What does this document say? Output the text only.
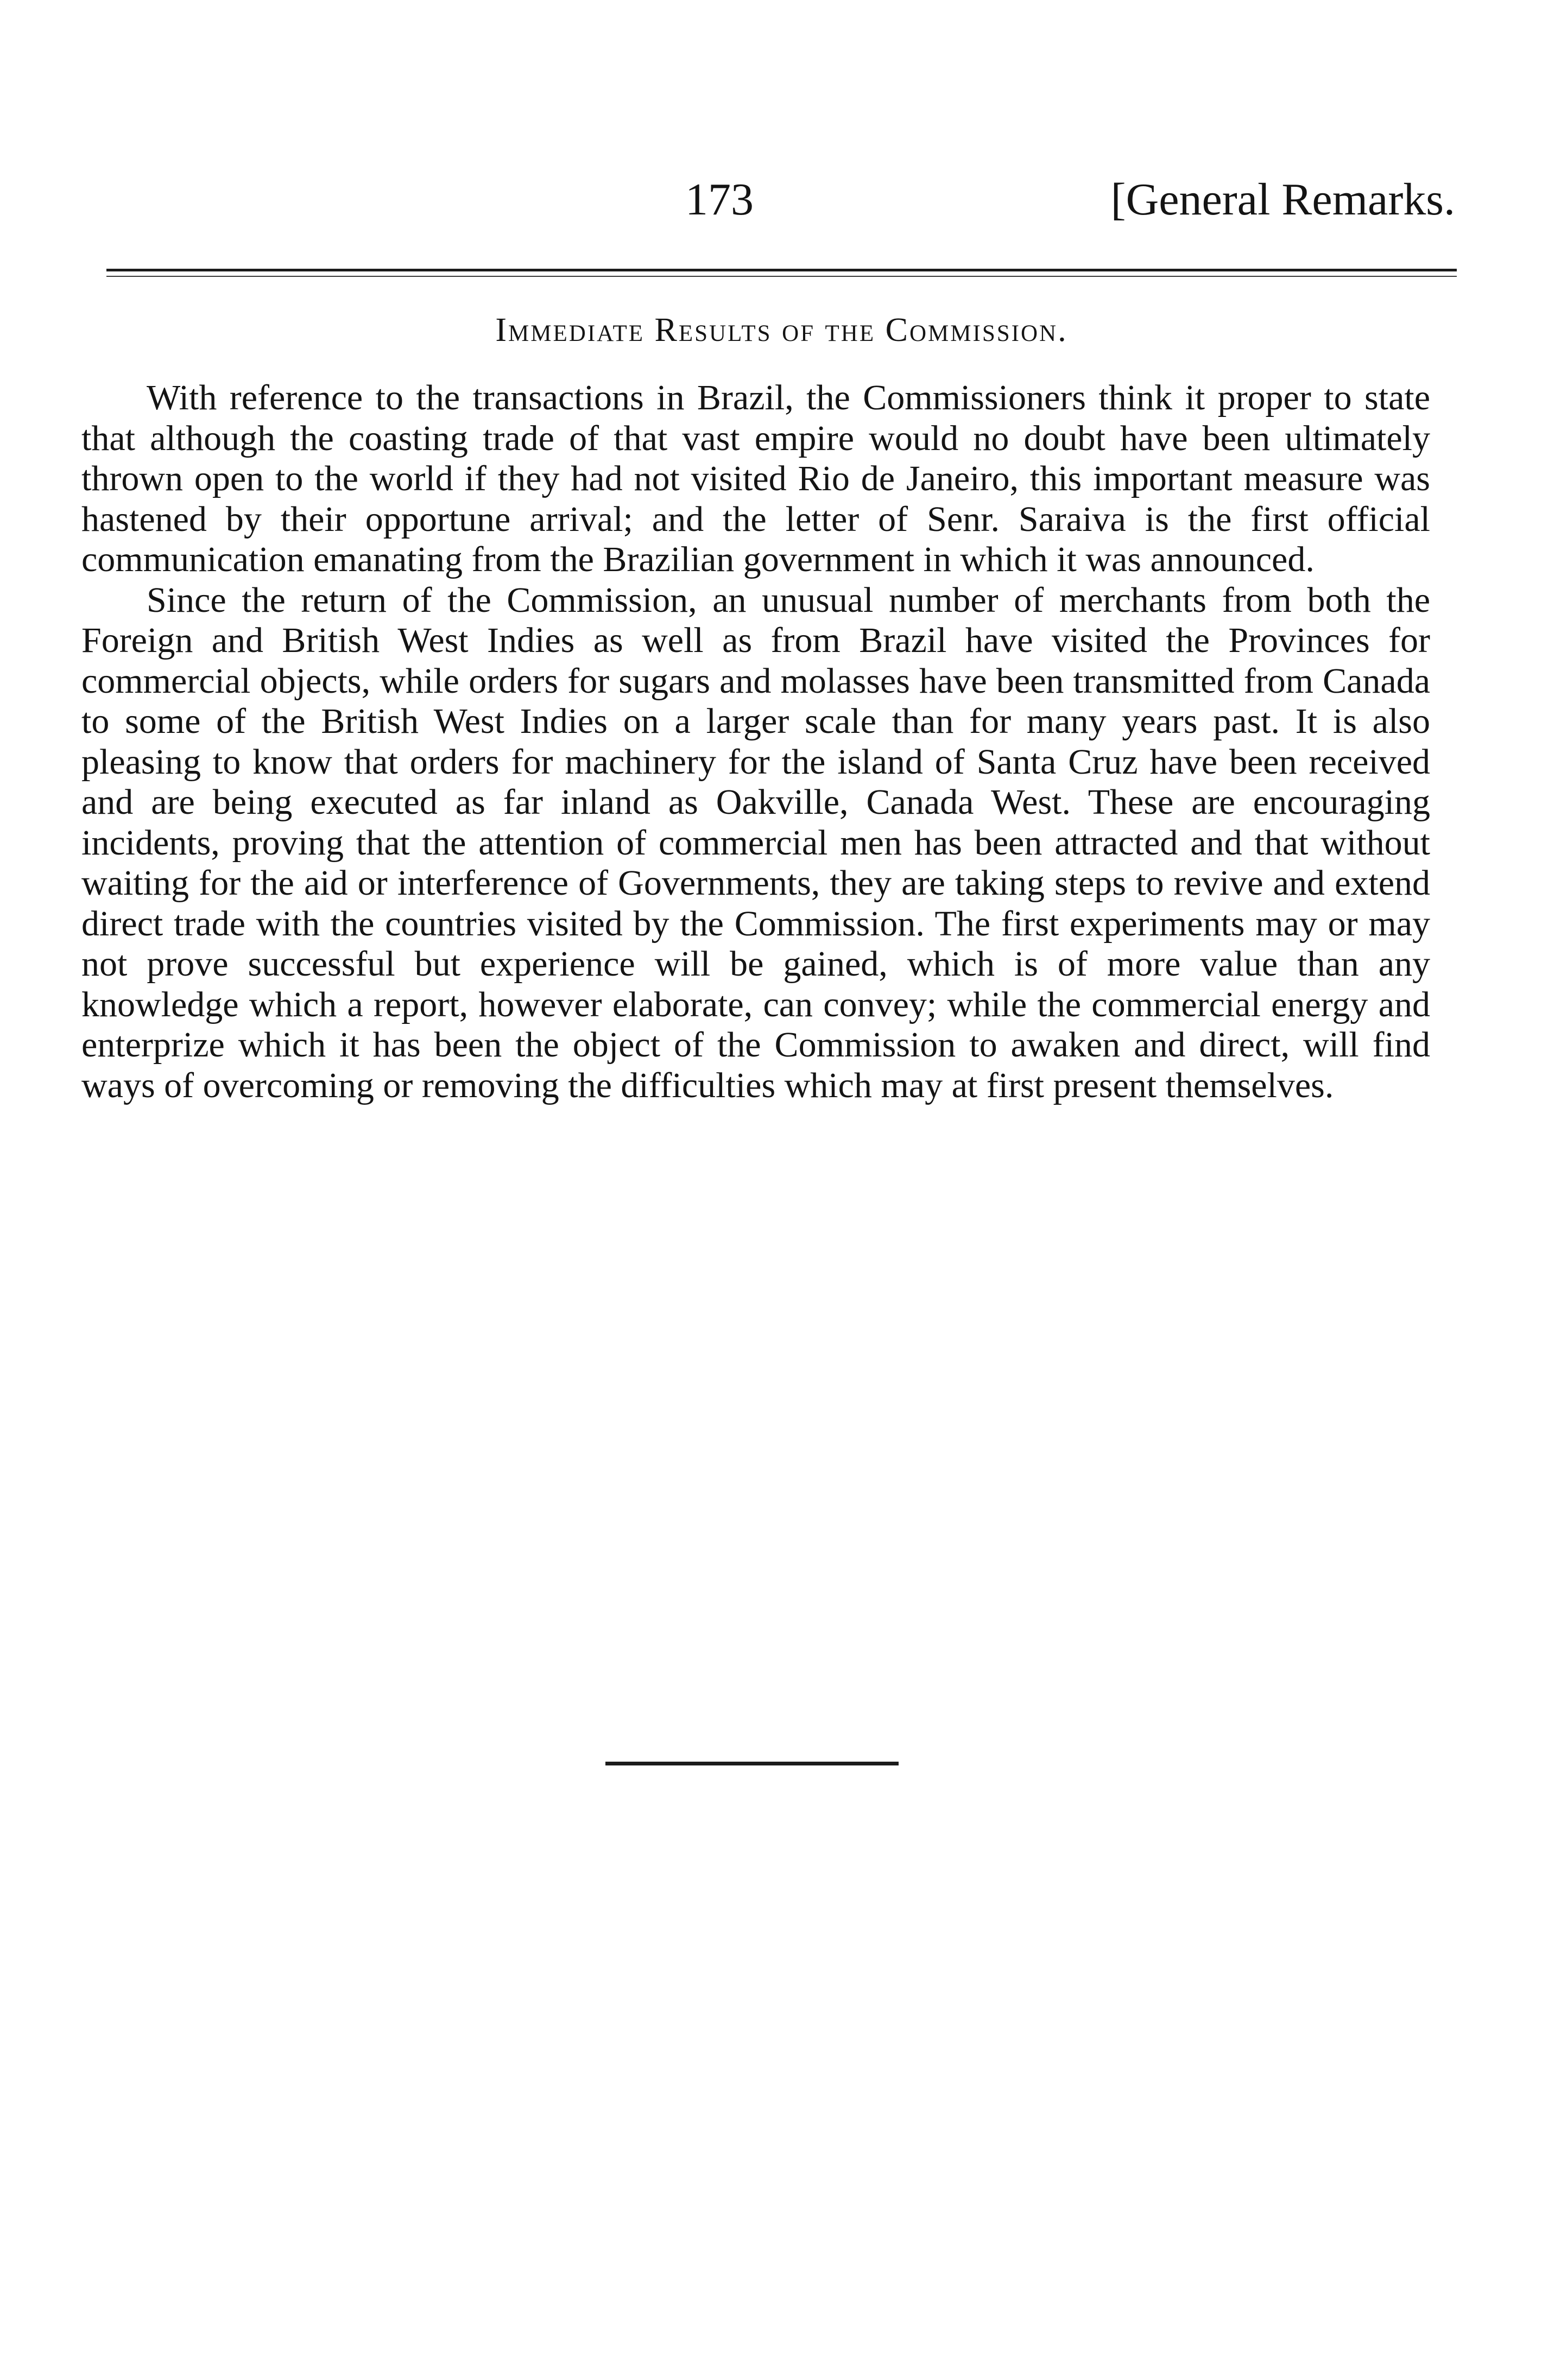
173	[General Remarks.
Immediate Results of the Commission.

With reference to the transactions in Brazil, the Commissioners think it proper to state that although the coasting trade of that vast empire would no doubt have been ultimately thrown open to the world if they had not visited Rio de Janeiro, this important measure was hastened by their opportune arrival; and the letter of Senr. Saraiva is the first official communication emanating from the Brazilian government in which it was announced.

Since the return of the Commission, an unusual number of merchants from both the Foreign and British West Indies as well as from Brazil have visited the Provinces for commercial objects, while orders for sugars and molasses have been transmitted from Canada to some of the British West Indies on a larger scale than for many years past. It is also pleasing to know that orders for machinery for the island of Santa Cruz have been received and are being executed as far inland as Oakville, Canada West. These are encouraging incidents, proving that the attention of commercial men has been attracted and that without waiting for the aid or interference of Governments, they are taking steps to revive and extend direct trade with the countries visited by the Commission. The first experiments may or may not prove successful but experience will be gained, which is of more value than any knowledge which a report, however elaborate, can convey; while the commercial energy and enterprize which it has been the object of the Commission to awaken and direct, will find ways of overcoming or removing the difficulties which may at first present themselves.
